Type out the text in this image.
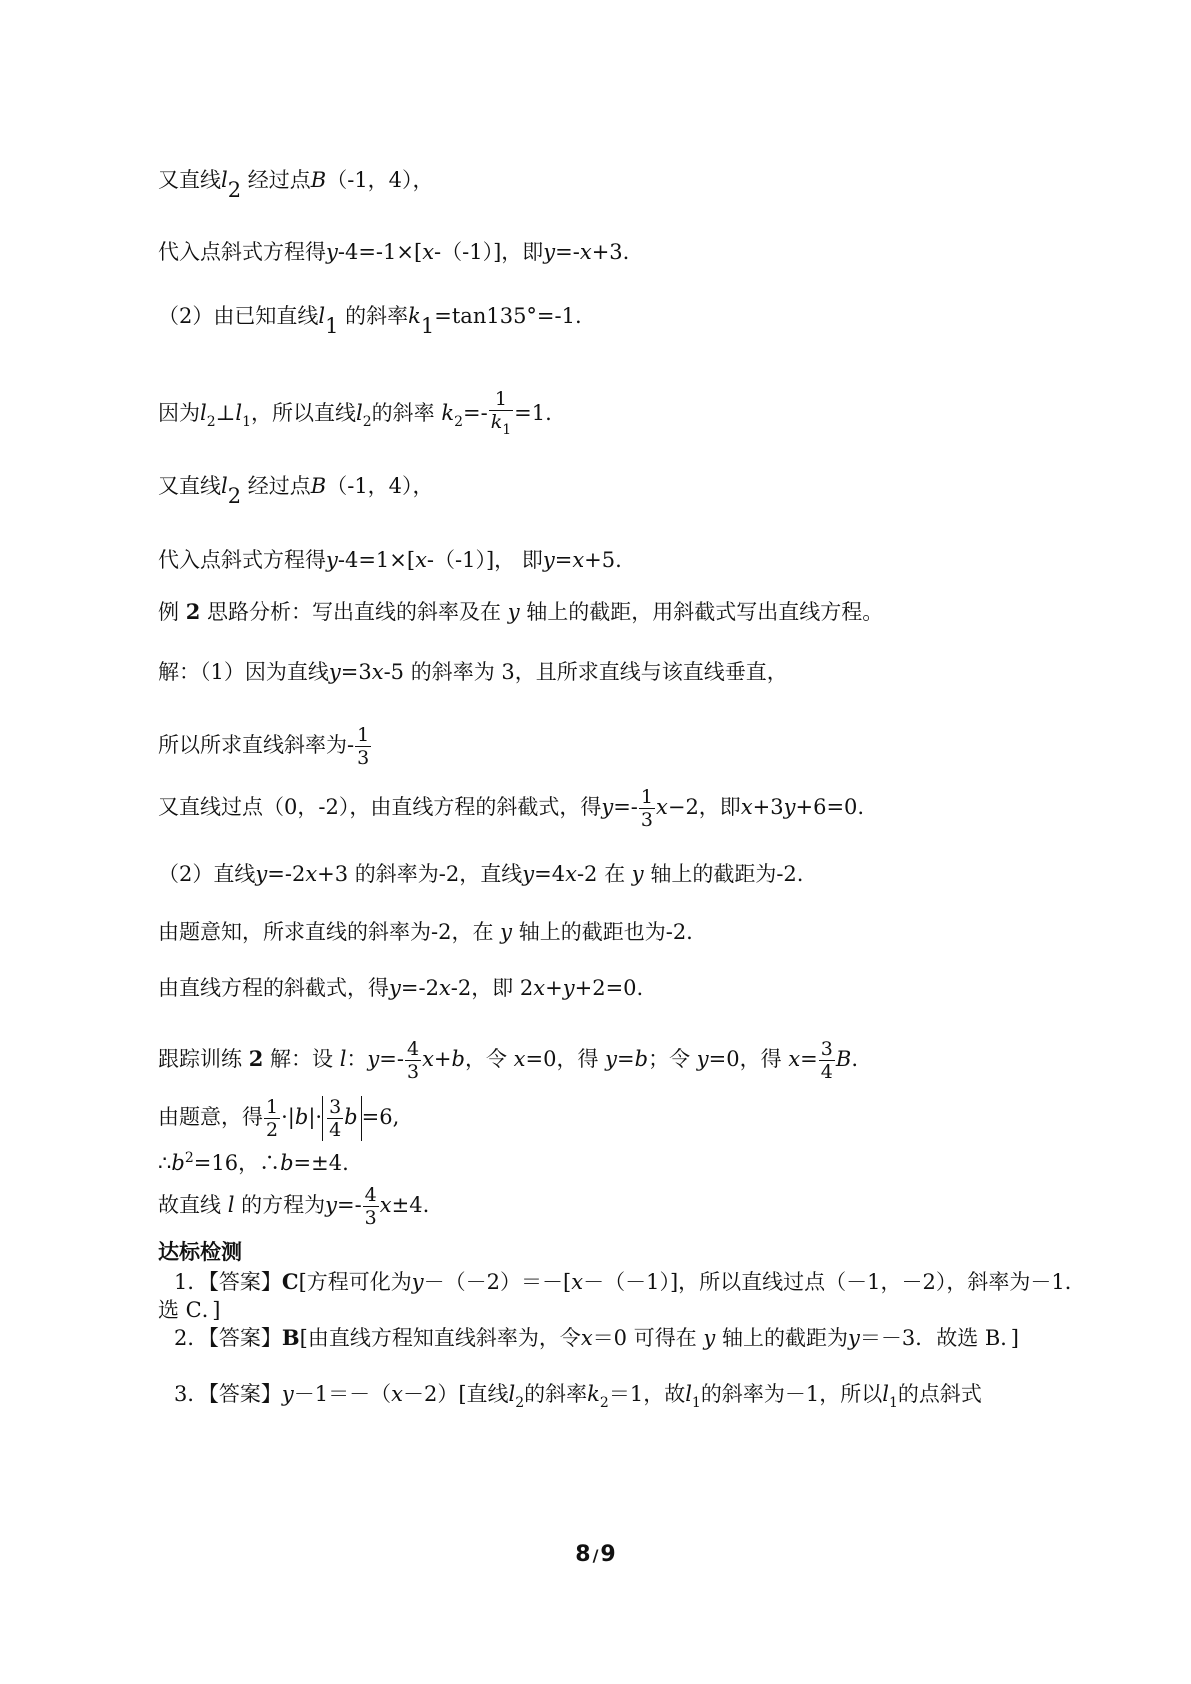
又直线$l_2$ 经过点B（-1，4），
代入点斜式方程得y-4=-1×[x-（-1）]，即y=-x+3.
（2）由已知直线$l_1$ 的斜率$k_1=\tan 135^\circ=-1$.
因为$l_2\perp l_1$，所以直线$l_2$的斜率 $k_2=- \frac{1}{k_1} =1$.
又直线$l_2$ 经过点B（-1，4），
代入点斜式方程得y-4=1×[x-（-1）]， 即y=x+5.
例 2 思路分析：写出直线的斜率及在 y 轴上的截距，用斜截式写出直线方程。
解：（1）因为直线y=3x-5 的斜率为 3，且所求直线与该直线垂直，
所以所求直线斜率为- $\frac{1}{3}$
又直线过点（0，-2），由直线方程的斜截式，得$y=- \frac{1}{3} x-2$，即x+3y+6=0.
（2）直线y=-2x+3 的斜率为-2，直线y=4x-2 在 y 轴上的截距为-2.
由题意知，所求直线的斜率为-2，在 y 轴上的截距也为-2.
由直线方程的斜截式，得y=-2x-2，即 2x+y+2=0.
跟踪训练 2 解：设 l：$y=- \frac{4}{3} x+b$，令 x=0，得 y=b；令 y=0，得 $x= \frac{3}{4} B$.
由题意，得 $\frac{1}{2} \cdot|b|\cdot \frac{3}{4}$ b =6,
$\therefore b^2=16$，∴b=±4.
故直线 l 的方程为$y=- \frac{4}{3} x\pm 4$.
达标检测
1．【答案】C[方程可化为y－（－2）＝－[x－（－1）]，所以直线过点（－1，－2），斜率为－1．选 C．]
2．【答案】B[由直线方程知直线斜率为，令x＝0 可得在 y 轴上的截距为y＝－3．故选 B．]
3．【答案】y－1＝－（x－2）[直线$l_2$的斜率$k_2=1$，故$l_1$的斜率为－1，所以$l_1$的点斜式
8 /9
